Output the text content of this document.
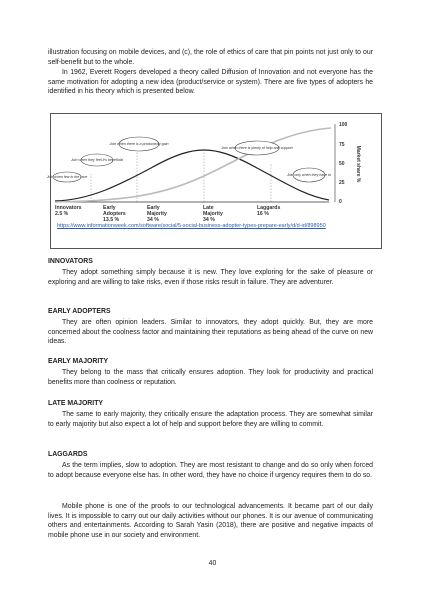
illustration focusing on mobile devices, and (c), the role of ethics of care that pin points not just only to our self-benefit but to the whole.

In 1962, Everett Rogers developed a theory called Diffusion of Innovation and not everyone has the same motivation for adopting a new idea (product/service or system). There are five types of adopters he identified in his theory which is presented below.

100
75
50
25
0
Market share %
Join when few in the race
Join when they feel it's beneficial
Join when there is a productivity gain
Join when there is plenty of help and support
Join only when they have to
Innovators
2.5 %
Early
Adopters
13.5 %
Early
Majority
34 %
Late
Majority
34 %
Laggards
16 %
https://www.informationweek.com/software/social/5-social-business-adopter-types-prepare-early/d/d-id/898950

INNOVATORS

They adopt something simply because it is new. They love exploring for the sake of pleasure or exploring and are willing to take risks, even if those risks result in failure. They are adventurer.

EARLY ADOPTERS

They are often opinion leaders. Similar to innovators, they adopt quickly. But, they are more concerned about the coolness factor and maintaining their reputations as being ahead of the curve on new ideas.

EARLY MAJORITY

They belong to the mass that critically ensures adoption. They look for productivity and practical benefits more than coolness or reputation.

LATE MAJORITY

The same to early majority, they critically ensure the adaptation process. They are somewhat similar to early majority but also expect a lot of help and support before they are willing to commit.

LAGGARDS

As the term implies, slow to adoption. They are most resistant to change and do so only when forced to adopt because everyone else has. In other word, they have no choice if urgency requires them to do so.

Mobile phone is one of the proofs to our technological advancements. It became part of our daily lives. It is impossible to carry out our daily activities without our phones. It is our avenue of communicating others and entertainments. According to Sarah Yasin (2018), there are positive and negative impacts of mobile phone use in our society and environment.

40
